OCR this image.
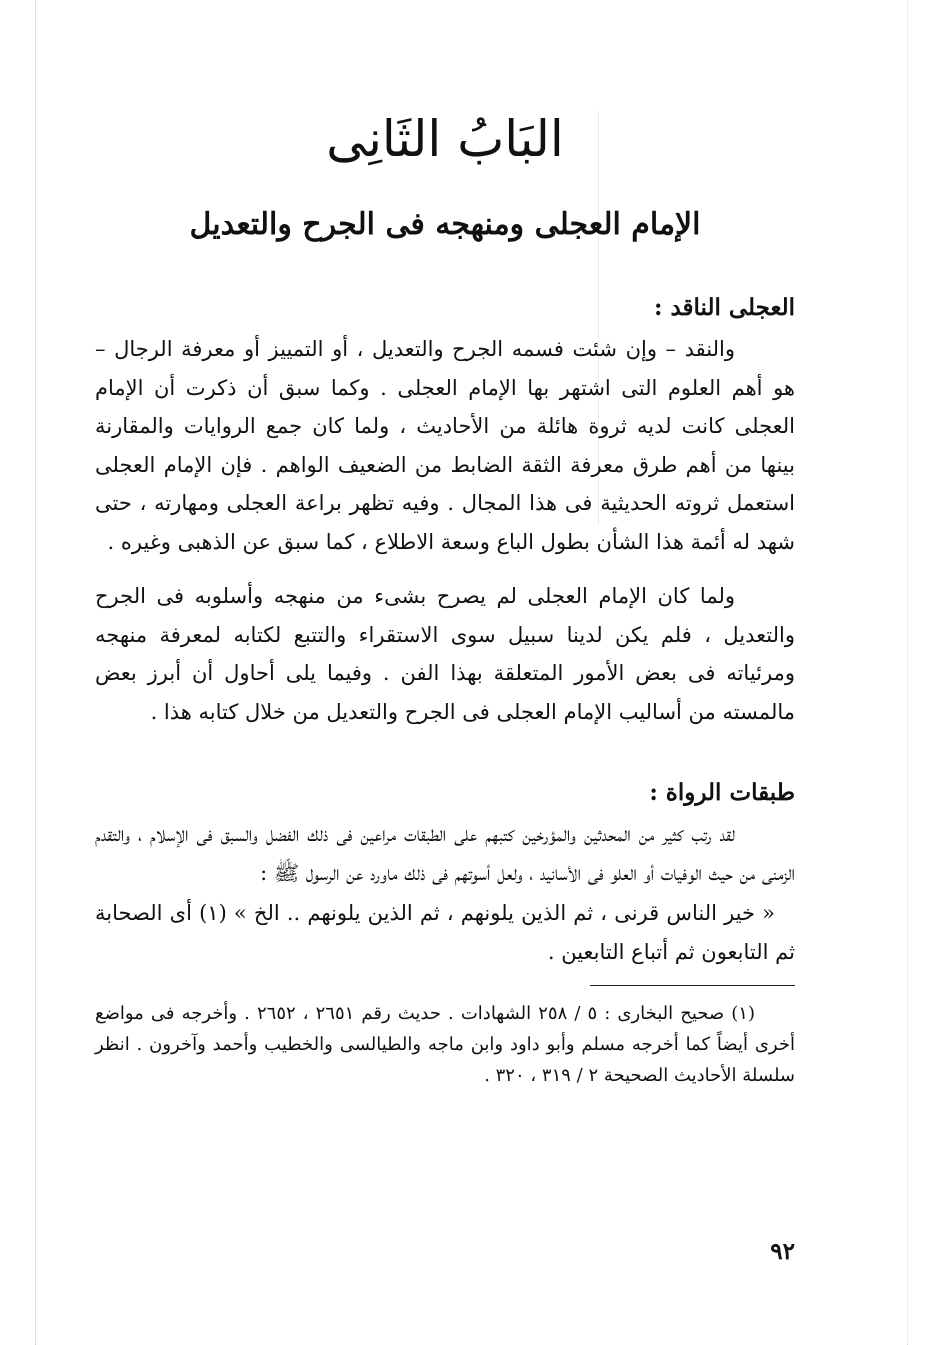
البَابُ الثَانِى
الإمام العجلى ومنهجه فى الجرح والتعديل
العجلى الناقد :

والنقد – وإن شئت فسمه الجرح والتعديل ، أو التمييز أو معرفة الرجال – هو أهم العلوم التى اشتهر بها الإمام العجلى . وكما سبق أن ذكرت أن الإمام العجلى كانت لديه ثروة هائلة من الأحاديث ، ولما كان جمع الروايات والمقارنة بينها من أهم طرق معرفة الثقة الضابط من الضعيف الواهم . فإن الإمام العجلى استعمل ثروته الحديثية فى هذا المجال . وفيه تظهر براعة العجلى ومهارته ، حتى شهد له أئمة هذا الشأن بطول الباع وسعة الاطلاع ، كما سبق عن الذهبى وغيره .

ولما كان الإمام العجلى لم يصرح بشىء من منهجه وأسلوبه فى الجرح والتعديل ، فلم يكن لدينا سبيل سوى الاستقراء والتتبع لكتابه لمعرفة منهجه ومرئياته فى بعض الأمور المتعلقة بهذا الفن . وفيما يلى أحاول أن أبرز بعض مالمسته من أساليب الإمام العجلى فى الجرح والتعديل من خلال كتابه هذا .

طبقات الرواة :

لقد رتب كثير من المحدثين والمؤرخين كتبهم على الطبقات مراعين فى ذلك الفضل والسبق فى الإسلام ، والتقدم الزمنى من حيث الوفيات أو العلو فى الأسانيد ، ولعل أسوتهم فى ذلك ماورد عن الرسول ﷺ :

« خير الناس قرنى ، ثم الذين يلونهم ، ثم الذين يلونهم .. الخ » (١) أى الصحابة ثم التابعون ثم أتباع التابعين .

(١) صحيح البخارى : ٥ / ٢٥٨ الشهادات . حديث رقم ٢٦٥١ ، ٢٦٥٢ . وأخرجه فى مواضع أخرى أيضاً كما أخرجه مسلم وأبو داود وابن ماجه والطيالسى والخطيب وأحمد وآخرون . انظر سلسلة الأحاديث الصحيحة ٢ / ٣١٩ ، ٣٢٠ .

٩٢
